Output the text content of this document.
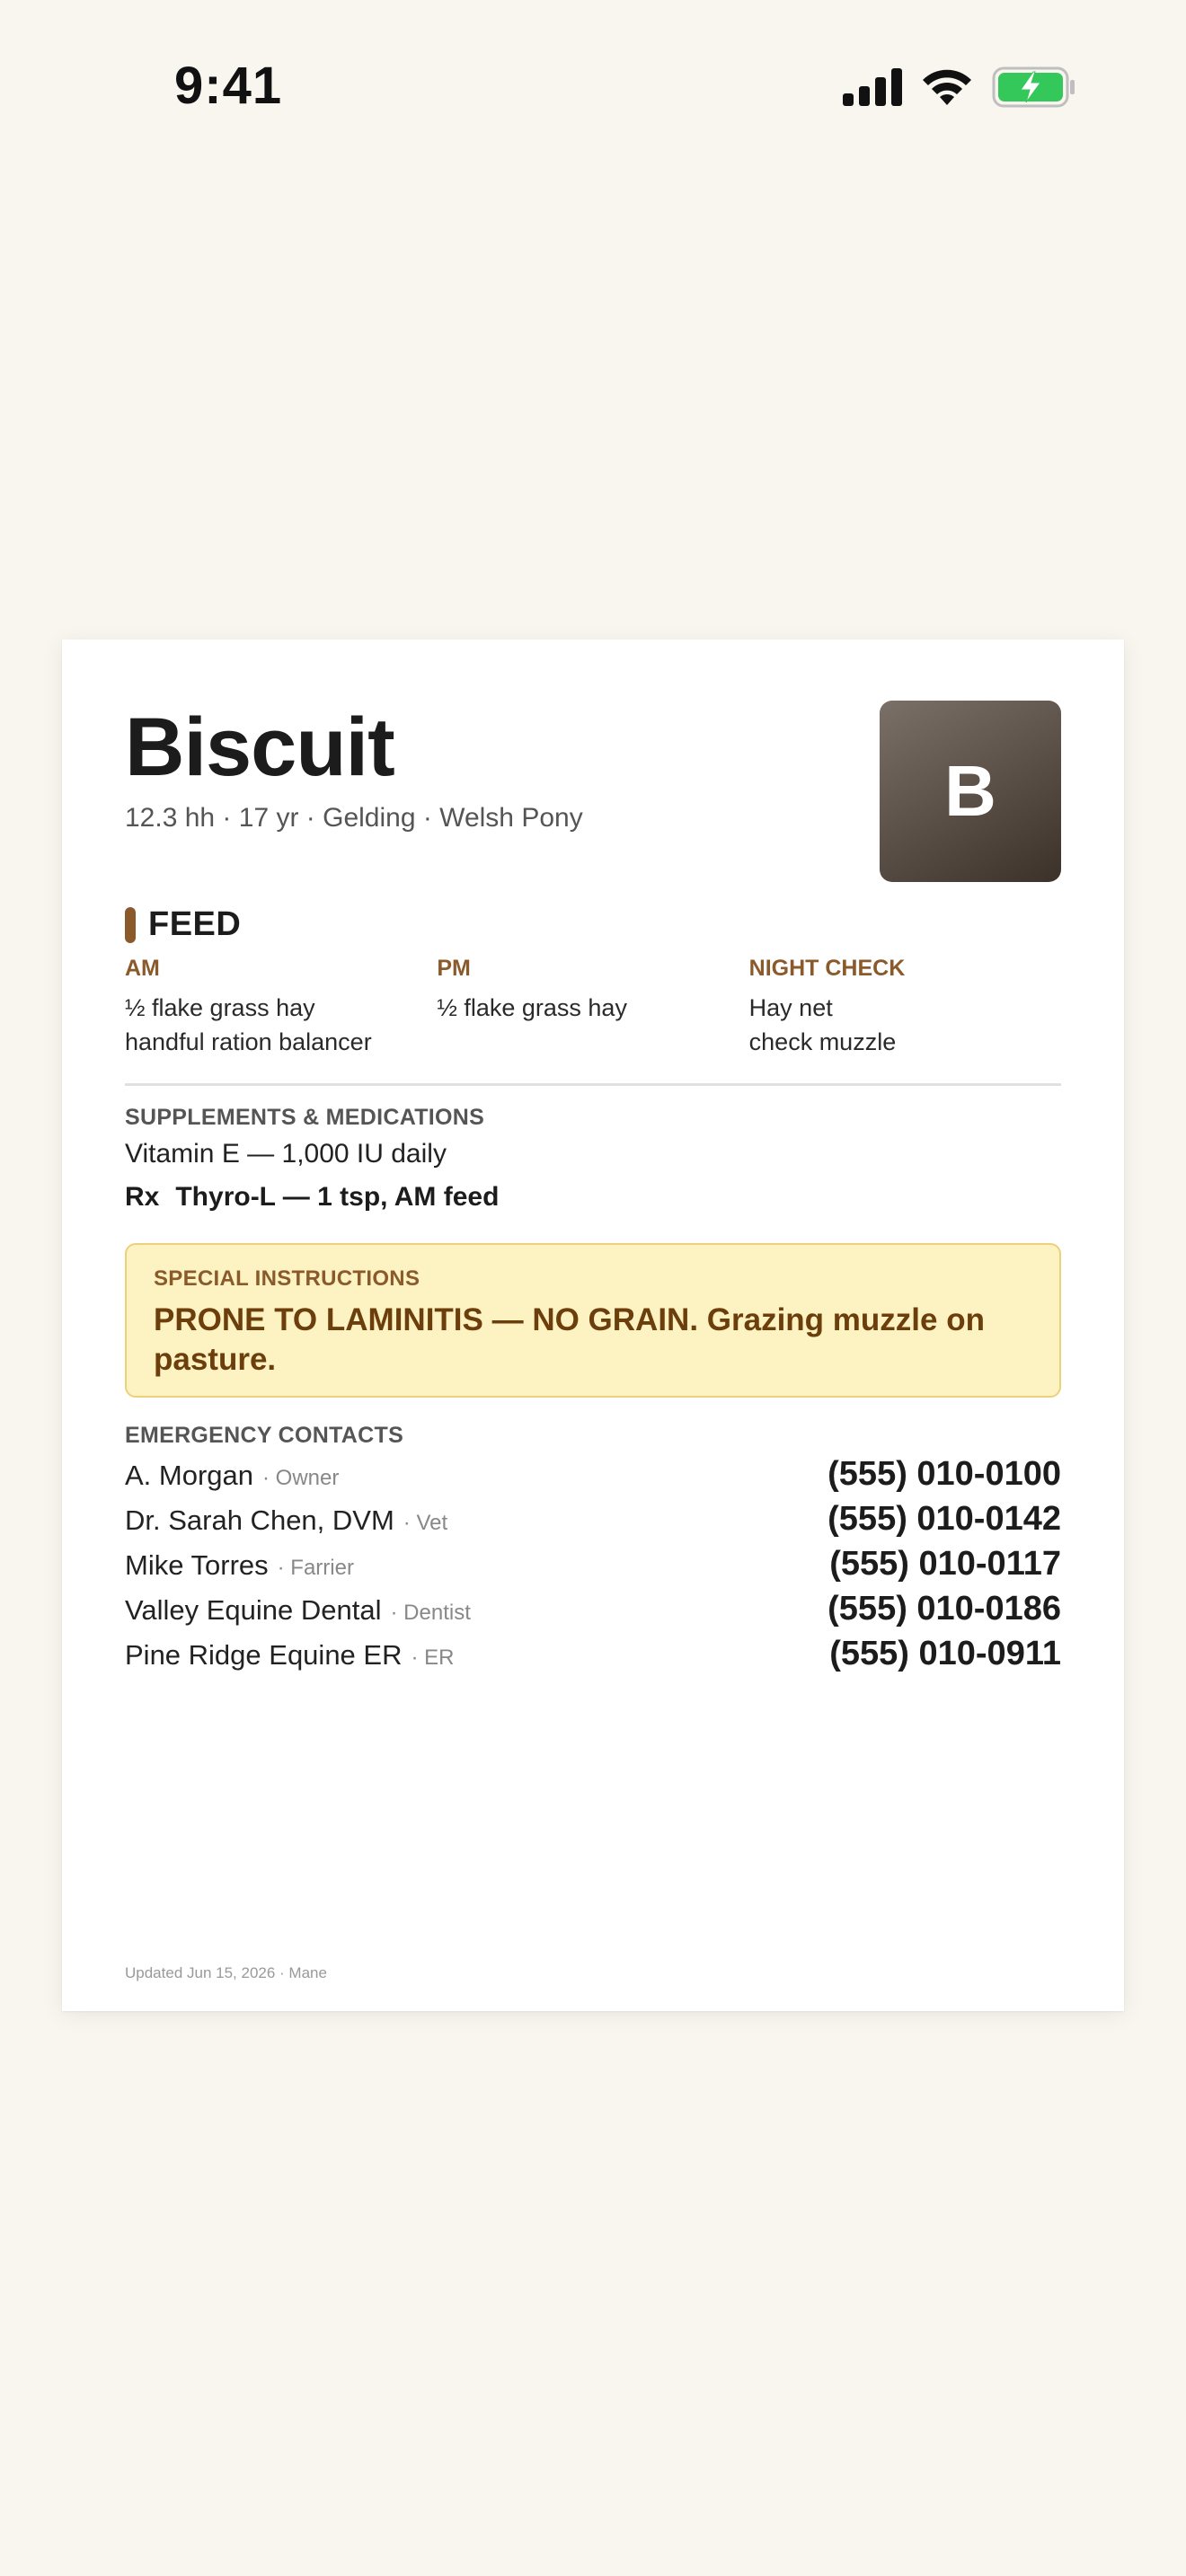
9:41
Biscuit
12.3 hh · 17 yr · Gelding · Welsh Pony	B
FEED
AM
½ flake grass hay
handful ration balancer
PM
½ flake grass hay
NIGHT CHECK
Hay net
check muzzle
SUPPLEMENTS & MEDICATIONS
Vitamin E — 1,000 IU daily
Rx Thyro-L — 1 tsp, AM feed
SPECIAL INSTRUCTIONS
PRONE TO LAMINITIS — NO GRAIN. Grazing muzzle on pasture.
EMERGENCY CONTACTS
A. Morgan · Owner	(555) 010-0100
Dr. Sarah Chen, DVM · Vet	(555) 010-0142
Mike Torres · Farrier	(555) 010-0117
Valley Equine Dental · Dentist	(555) 010-0186
Pine Ridge Equine ER · ER	(555) 010-0911
Updated Jun 15, 2026 · Mane
